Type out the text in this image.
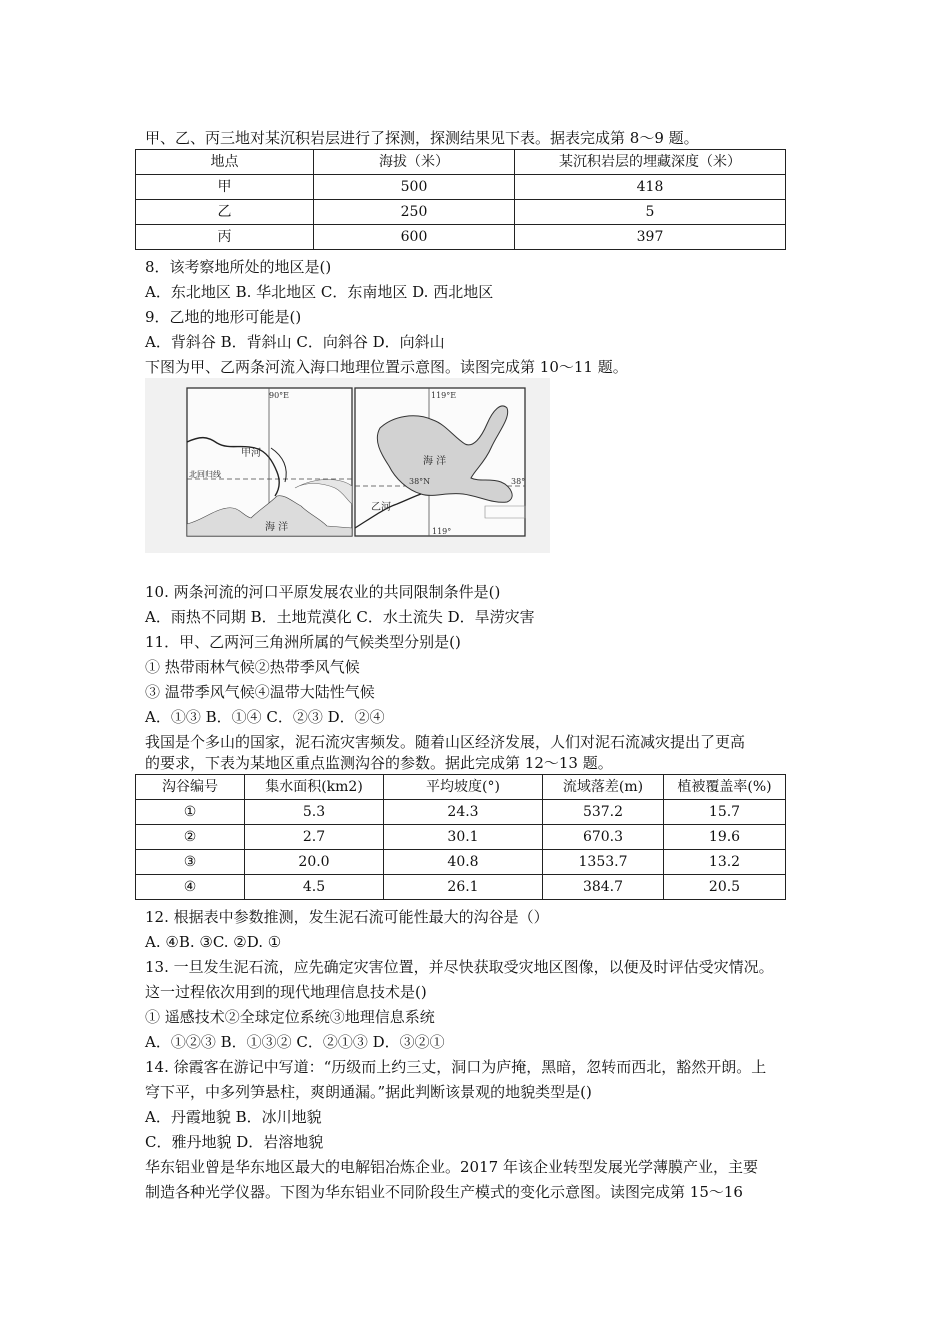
甲、乙、丙三地对某沉积岩层进行了探测，探测结果见下表。据表完成第 8～9 题。
地点	海拔（米）	某沉积岩层的埋藏深度（米）
甲	500	418
乙	250	5
丙	600	397
8．该考察地所处的地区是()
A．东北地区 B. 华北地区 C．东南地区 D. 西北地区
9．乙地的地形可能是()
A．背斜谷 B．背斜山 C．向斜谷 D．向斜山
下图为甲、乙两条河流入海口地理位置示意图。读图完成第 10～11 题。
90°E
甲河
北回归线
海 洋
119°E
38°N
海 洋
乙河
119°
38°
10. 两条河流的河口平原发展农业的共同限制条件是()
A．雨热不同期 B．土地荒漠化 C．水土流失 D．旱涝灾害
11．甲、乙两河三角洲所属的气候类型分别是()
① 热带雨林气候②热带季风气候
③ 温带季风气候④温带大陆性气候
A．①③ B．①④ C．②③ D．②④
我国是个多山的国家，泥石流灾害频发。随着山区经济发展，人们对泥石流减灾提出了更高
的要求，下表为某地区重点监测沟谷的参数。据此完成第 12～13 题。
沟谷编号	集水面积(km2)	平均坡度(°)	流域落差(m)	植被覆盖率(%)
①	5.3	24.3	537.2	15.7
②	2.7	30.1	670.3	19.6
③	20.0	40.8	1353.7	13.2
④	4.5	26.1	384.7	20.5
12. 根据表中参数推测，发生泥石流可能性最大的沟谷是（）
A. ④B. ③C. ②D. ①
13. 一旦发生泥石流，应先确定灾害位置，并尽快获取受灾地区图像，以便及时评估受灾情况。
这一过程依次用到的现代地理信息技术是()
① 遥感技术②全球定位系统③地理信息系统
A．①②③ B．①③② C．②①③ D．③②①
14. 徐霞客在游记中写道：“历级而上约三丈，洞口为庐掩，黑暗，忽转而西北，豁然开朗。上
穹下平，中多列笋悬柱，爽朗通漏。”据此判断该景观的地貌类型是()
A．丹霞地貌 B．冰川地貌
C．雅丹地貌 D．岩溶地貌
华东铝业曾是华东地区最大的电解铝冶炼企业。2017 年该企业转型发展光学薄膜产业，主要
制造各种光学仪器。下图为华东铝业不同阶段生产模式的变化示意图。读图完成第 15～16
